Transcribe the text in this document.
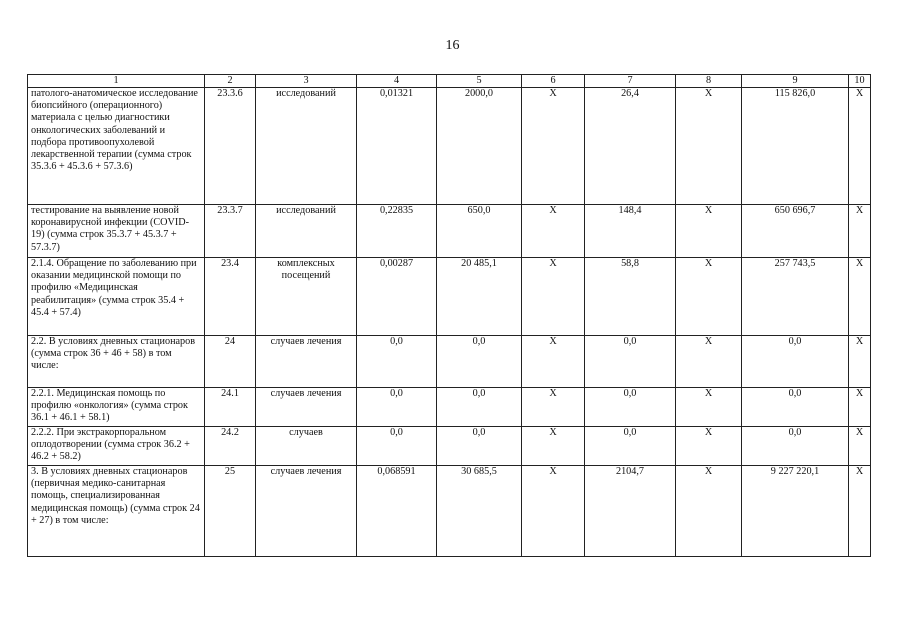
16
1	2	3	4	5	6	7	8	9	10
патолого-анатомическое исследование биопсийного (операционного) материала с целью диагностики онкологических заболеваний и подбора противоопухолевой лекарственной терапии (сумма строк 35.3.6 + 45.3.6 + 57.3.6)	23.3.6	исследований	0,01321	2000,0	Х	26,4	Х	115 826,0	Х
тестирование на выявление новой коронавирусной инфекции (COVID-19) (сумма строк 35.3.7 + 45.3.7 + 57.3.7)	23.3.7	исследований	0,22835	650,0	Х	148,4	Х	650 696,7	Х
2.1.4. Обращение по заболеванию при оказании медицинской помощи по профилю «Медицинская реабилитация» (сумма строк 35.4 + 45.4 + 57.4)	23.4	комплексных посещений	0,00287	20 485,1	Х	58,8	Х	257 743,5	Х
2.2. В условиях дневных стационаров (сумма строк 36 + 46 + 58) в том числе:	24	случаев лечения	0,0	0,0	Х	0,0	Х	0,0	Х
2.2.1. Медицинская помощь по профилю «онкология» (сумма строк 36.1 + 46.1 + 58.1)	24.1	случаев лечения	0,0	0,0	Х	0,0	Х	0,0	Х
2.2.2. При экстракорпоральном оплодотворении (сумма строк 36.2 + 46.2 + 58.2)	24.2	случаев	0,0	0,0	Х	0,0	Х	0,0	Х
3. В условиях дневных стационаров (первичная медико-санитарная помощь, специализированная медицинская помощь) (сумма строк 24 + 27) в том числе:	25	случаев лечения	0,068591	30 685,5	Х	2104,7	Х	9 227 220,1	Х
